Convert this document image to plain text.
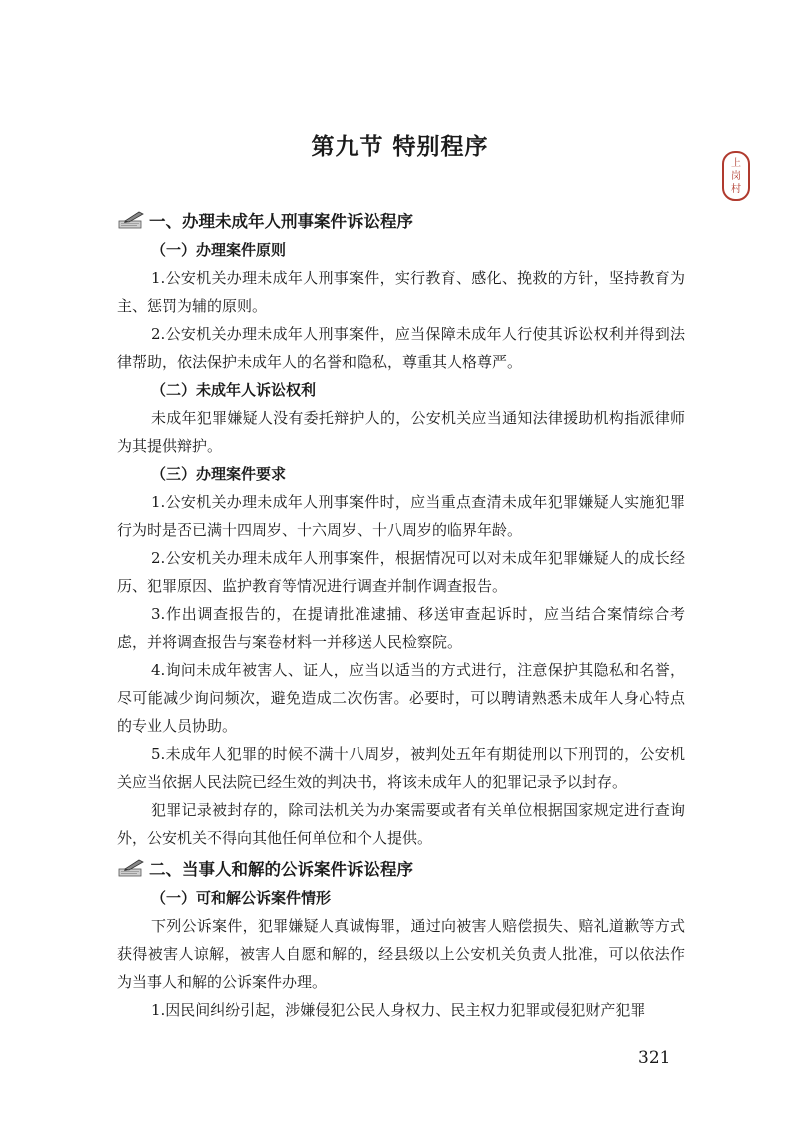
第九节 特别程序
上
岗
村
一、办理未成年人刑事案件诉讼程序
（一）办理案件原则

1.公安机关办理未成年人刑事案件，实行教育、感化、挽救的方针，坚持教育为主、惩罚为辅的原则。

2.公安机关办理未成年人刑事案件，应当保障未成年人行使其诉讼权利并得到法律帮助，依法保护未成年人的名誉和隐私，尊重其人格尊严。

（二）未成年人诉讼权利

未成年犯罪嫌疑人没有委托辩护人的，公安机关应当通知法律援助机构指派律师为其提供辩护。

（三）办理案件要求

1.公安机关办理未成年人刑事案件时，应当重点查清未成年犯罪嫌疑人实施犯罪行为时是否已满十四周岁、十六周岁、十八周岁的临界年龄。

2.公安机关办理未成年人刑事案件，根据情况可以对未成年犯罪嫌疑人的成长经历、犯罪原因、监护教育等情况进行调查并制作调查报告。

3.作出调查报告的，在提请批准逮捕、移送审查起诉时，应当结合案情综合考虑，并将调查报告与案卷材料一并移送人民检察院。

4.询问未成年被害人、证人，应当以适当的方式进行，注意保护其隐私和名誉，尽可能减少询问频次，避免造成二次伤害。必要时，可以聘请熟悉未成年人身心特点的专业人员协助。

5.未成年人犯罪的时候不满十八周岁，被判处五年有期徒刑以下刑罚的，公安机关应当依据人民法院已经生效的判决书，将该未成年人的犯罪记录予以封存。

犯罪记录被封存的，除司法机关为办案需要或者有关单位根据国家规定进行查询外，公安机关不得向其他任何单位和个人提供。

二、当事人和解的公诉案件诉讼程序
（一）可和解公诉案件情形

下列公诉案件，犯罪嫌疑人真诚悔罪，通过向被害人赔偿损失、赔礼道歉等方式获得被害人谅解，被害人自愿和解的，经县级以上公安机关负责人批准，可以依法作为当事人和解的公诉案件办理。

1.因民间纠纷引起，涉嫌侵犯公民人身权力、民主权力犯罪或侵犯财产犯罪

321
